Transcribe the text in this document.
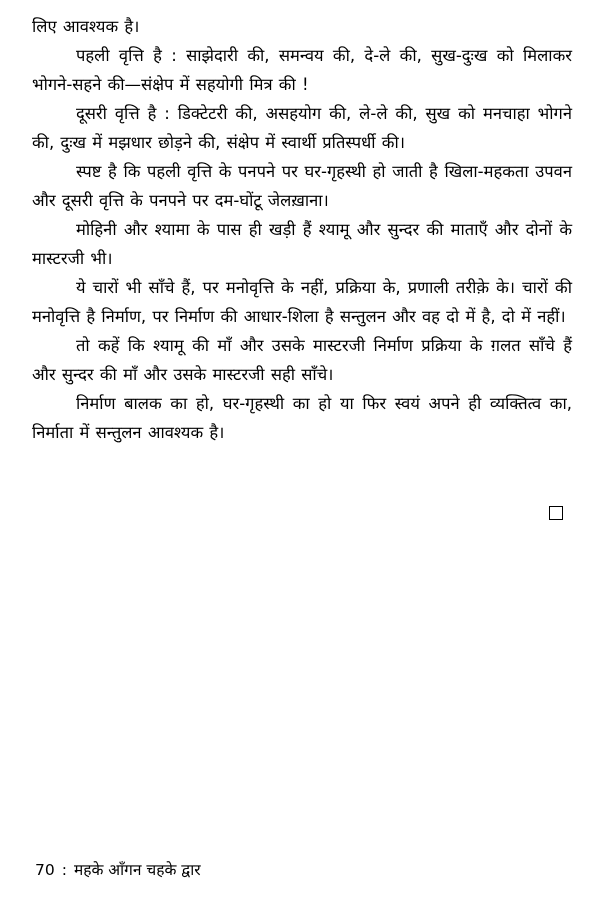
लिए आवश्यक है।

पहली वृत्ति है : साझेदारी की, समन्वय की, दे-ले की, सुख-दुःख को मिलाकर भोगने-सहने की—संक्षेप में सहयोगी मित्र की !

दूसरी वृत्ति है : डिक्टेटरी की, असहयोग की, ले-ले की, सुख को मनचाहा भोगने की, दुःख में मझधार छोड़ने की, संक्षेप में स्वार्थी प्रतिस्पर्धी की।

स्पष्ट है कि पहली वृत्ति के पनपने पर घर-गृहस्थी हो जाती है खिला-महकता उपवन और दूसरी वृत्ति के पनपने पर दम-घोंटू जेलख़ाना।

मोहिनी और श्यामा के पास ही खड़ी हैं श्यामू और सुन्दर की माताएँ और दोनों के मास्टरजी भी।

ये चारों भी साँचे हैं, पर मनोवृत्ति के नहीं, प्रक्रिया के, प्रणाली तरीक़े के। चारों की मनोवृत्ति है निर्माण, पर निर्माण की आधार-शिला है सन्तुलन और वह दो में है, दो में नहीं।

तो कहें कि श्यामू की माँ और उसके मास्टरजी निर्माण प्रक्रिया के ग़लत साँचे हैं और सुन्दर की माँ और उसके मास्टरजी सही साँचे।

निर्माण बालक का हो, घर-गृहस्थी का हो या फिर स्वयं अपने ही व्यक्तित्व का, निर्माता में सन्तुलन आवश्यक है।

70 : महके आँगन चहके द्वार
